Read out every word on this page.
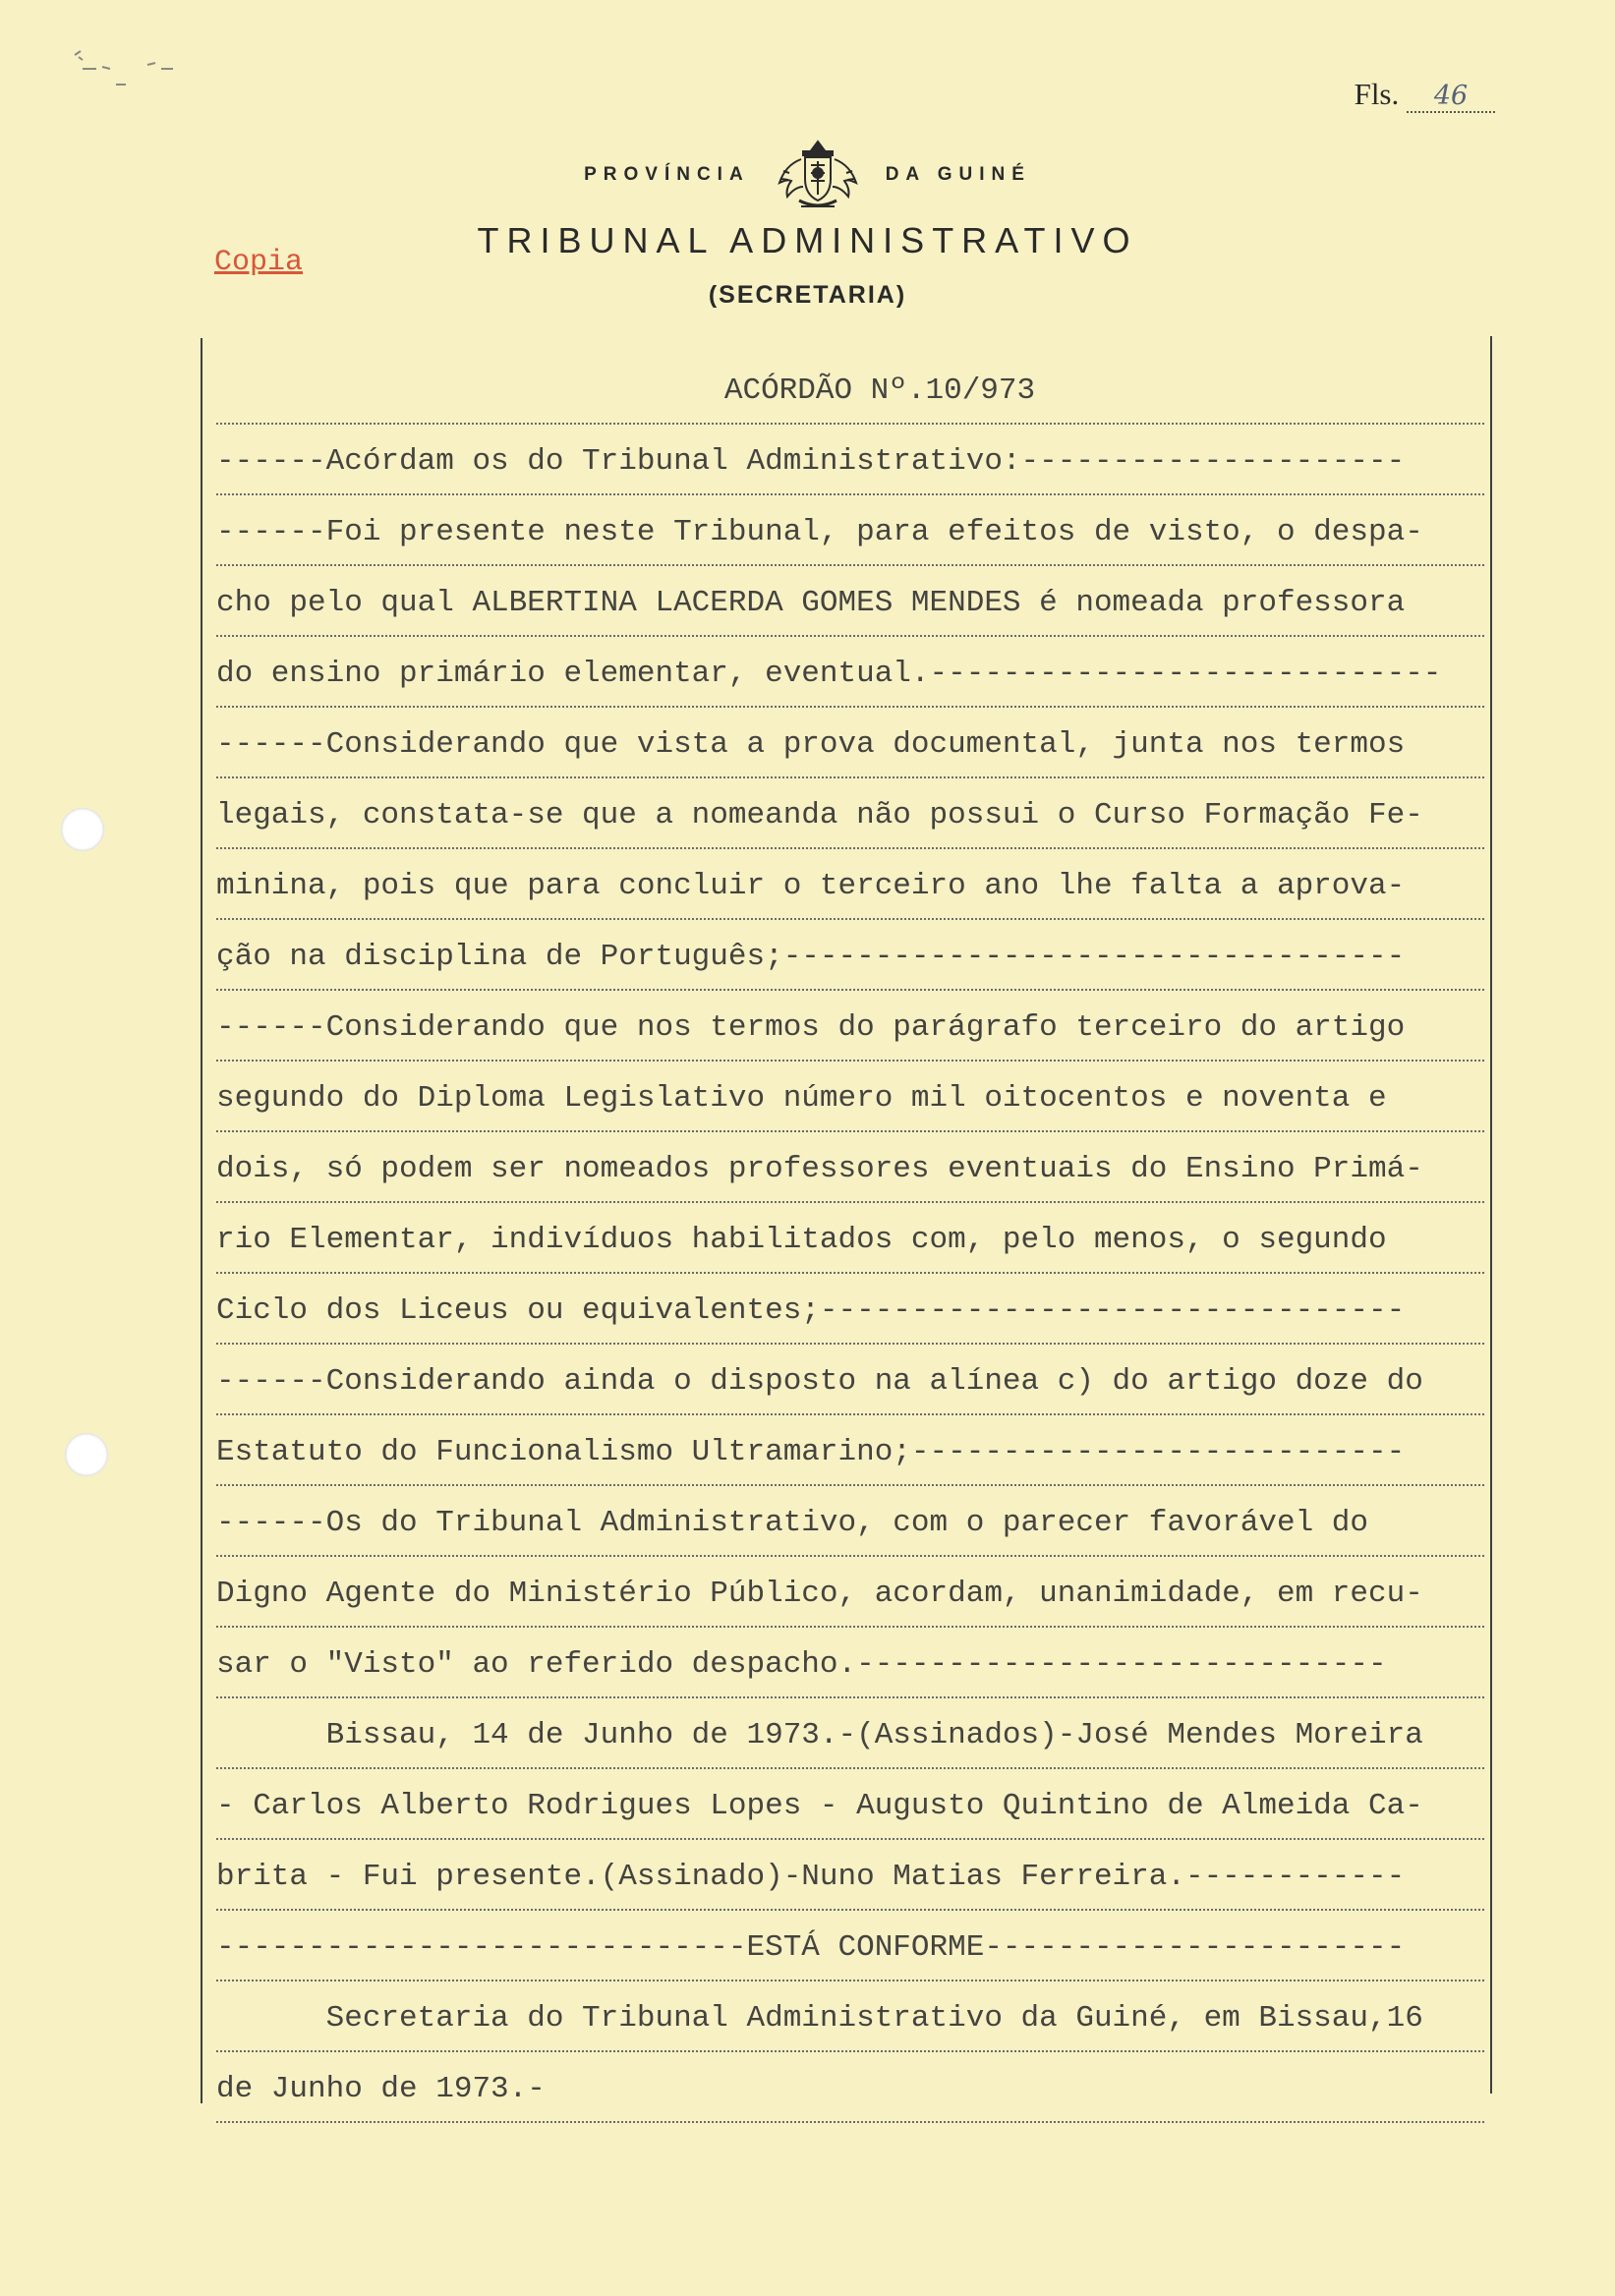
Fls. 46
Copia
PROVÍNCIA	DA GUINÉ
TRIBUNAL ADMINISTRATIVO
(SECRETARIA)
ACÓRDÃO Nº.10/973
------Acórdam os do Tribunal Administrativo:---------------------
------Foi presente neste Tribunal, para efeitos de visto, o despa-
cho pelo qual ALBERTINA LACERDA GOMES MENDES é nomeada professora
do ensino primário elementar, eventual.----------------------------
------Considerando que vista a prova documental, junta nos termos
legais, constata-se que a nomeanda não possui o Curso Formação Fe-
minina, pois que para concluir o terceiro ano lhe falta a aprova-
ção na disciplina de Português;----------------------------------
------Considerando que nos termos do parágrafo terceiro do artigo
segundo do Diploma Legislativo número mil oitocentos e noventa e
dois, só podem ser nomeados professores eventuais do Ensino Primá-
rio Elementar, indivíduos habilitados com, pelo menos, o segundo
Ciclo dos Liceus ou equivalentes;--------------------------------
------Considerando ainda o disposto na alínea c) do artigo doze do
Estatuto do Funcionalismo Ultramarino;---------------------------
------Os do Tribunal Administrativo, com o parecer favorável do
Digno Agente do Ministério Público, acordam, unanimidade, em recu-
sar o "Visto" ao referido despacho.-----------------------------
Bissau, 14 de Junho de 1973.-(Assinados)-José Mendes Moreira
- Carlos Alberto Rodrigues Lopes - Augusto Quintino de Almeida Ca-
brita - Fui presente.(Assinado)-Nuno Matias Ferreira.------------
-----------------------------ESTÁ CONFORME-----------------------
Secretaria do Tribunal Administrativo da Guiné, em Bissau,16
de Junho de 1973.-
